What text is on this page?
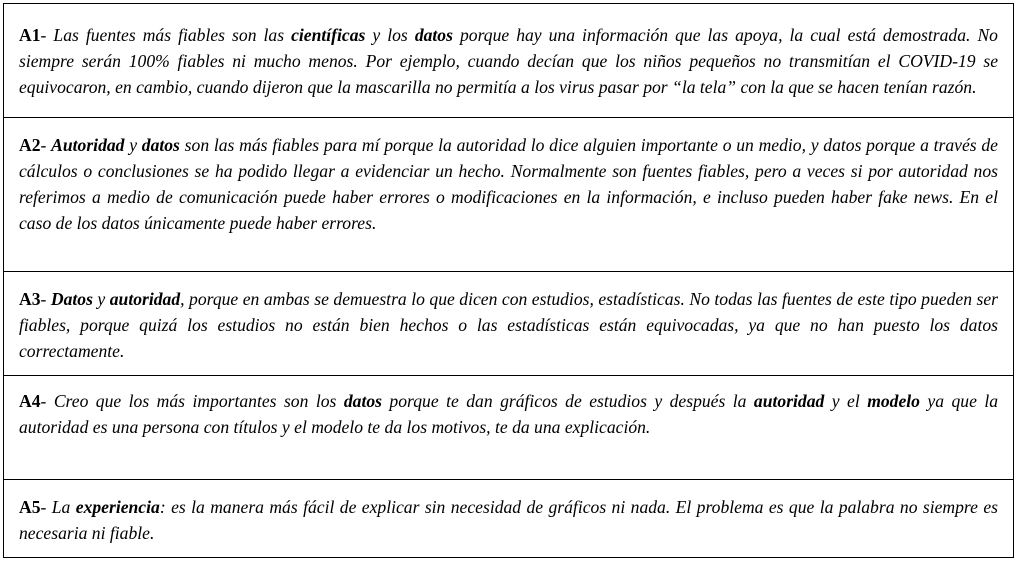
A1- Las fuentes más fiables son las científicas y los datos porque hay una información que las apoya, la cual está demostrada. No siempre serán 100% fiables ni mucho menos. Por ejemplo, cuando decían que los niños pequeños no transmitían el COVID-19 se equivocaron, en cambio, cuando dijeron que la mascarilla no permitía a los virus pasar por “la tela” con la que se hacen tenían razón.
A2- Autoridad y datos son las más fiables para mí porque la autoridad lo dice alguien importante o un medio, y datos porque a través de cálculos o conclusiones se ha podido llegar a evidenciar un hecho. Normalmente son fuentes fiables, pero a veces si por autoridad nos referimos a medio de comunicación puede haber errores o modificaciones en la información, e incluso pueden haber fake news. En el caso de los datos únicamente puede haber errores.
A3- Datos y autoridad, porque en ambas se demuestra lo que dicen con estudios, estadísticas. No todas las fuentes de este tipo pueden ser fiables, porque quizá los estudios no están bien hechos o las estadísticas están equivocadas, ya que no han puesto los datos correctamente.
A4- Creo que los más importantes son los datos porque te dan gráficos de estudios y después la autoridad y el modelo ya que la autoridad es una persona con títulos y el modelo te da los motivos, te da una explicación.
A5- La experiencia: es la manera más fácil de explicar sin necesidad de gráficos ni nada. El problema es que la palabra no siempre es necesaria ni fiable.
